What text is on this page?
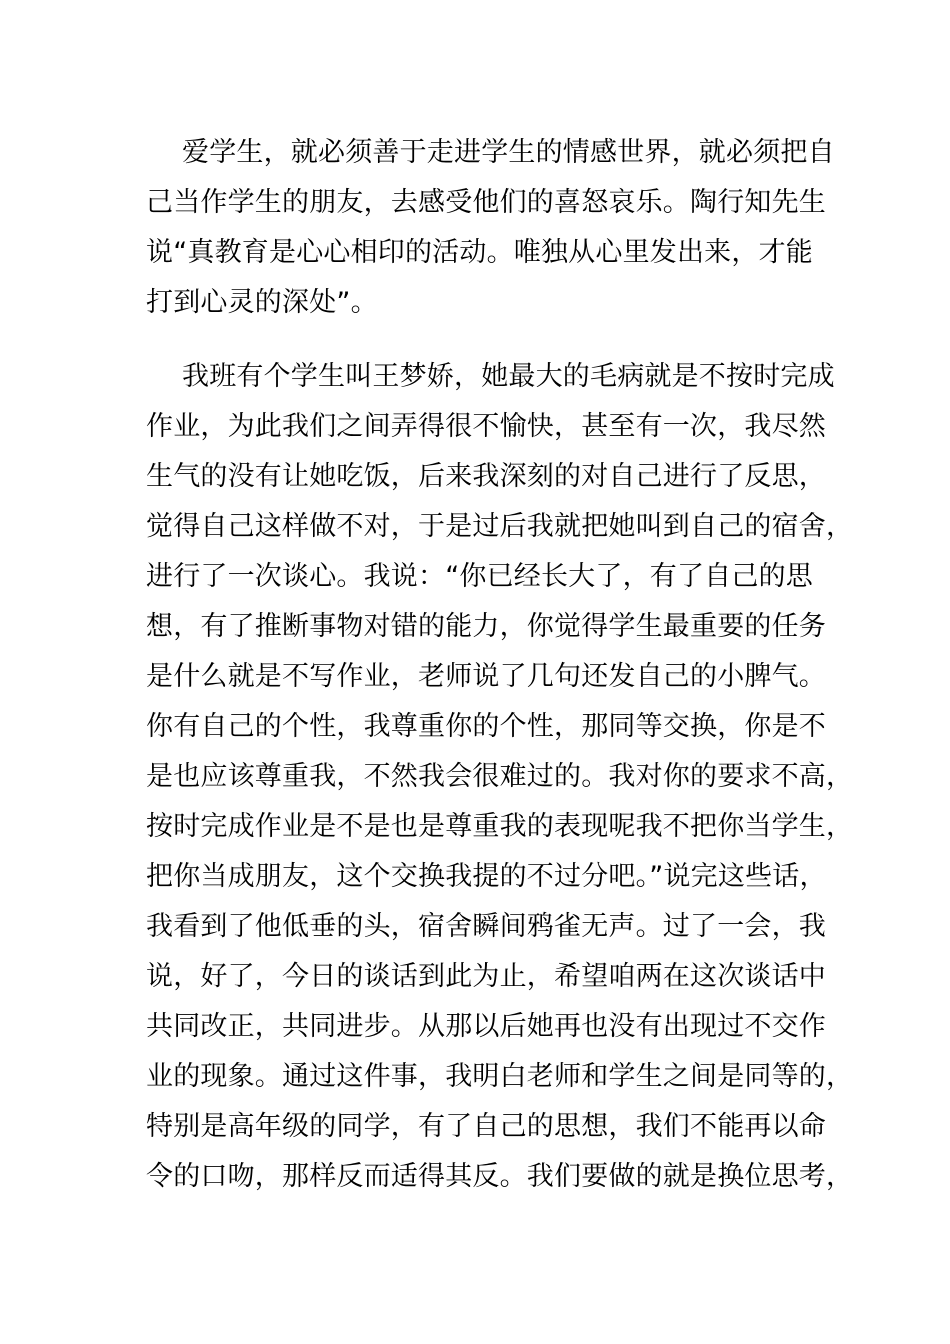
爱学生，就必须善于走进学生的情感世界，就必须把自
己当作学生的朋友，去感受他们的喜怒哀乐。陶行知先生
说“真教育是心心相印的活动。唯独从心里发出来，才能
打到心灵的深处”。
我班有个学生叫王梦娇，她最大的毛病就是不按时完成
作业，为此我们之间弄得很不愉快，甚至有一次，我尽然
生气的没有让她吃饭，后来我深刻的对自己进行了反思，
觉得自己这样做不对，于是过后我就把她叫到自己的宿舍，
进行了一次谈心。我说：“你已经长大了，有了自己的思
想，有了推断事物对错的能力，你觉得学生最重要的任务
是什么就是不写作业，老师说了几句还发自己的小脾气。
你有自己的个性，我尊重你的个性，那同等交换，你是不
是也应该尊重我，不然我会很难过的。我对你的要求不高，
按时完成作业是不是也是尊重我的表现呢我不把你当学生，
把你当成朋友，这个交换我提的不过分吧。”说完这些话，
我看到了他低垂的头，宿舍瞬间鸦雀无声。过了一会，我
说，好了，今日的谈话到此为止，希望咱两在这次谈话中
共同改正，共同进步。从那以后她再也没有出现过不交作
业的现象。通过这件事，我明白老师和学生之间是同等的，
特别是高年级的同学，有了自己的思想，我们不能再以命
令的口吻，那样反而适得其反。我们要做的就是换位思考，
